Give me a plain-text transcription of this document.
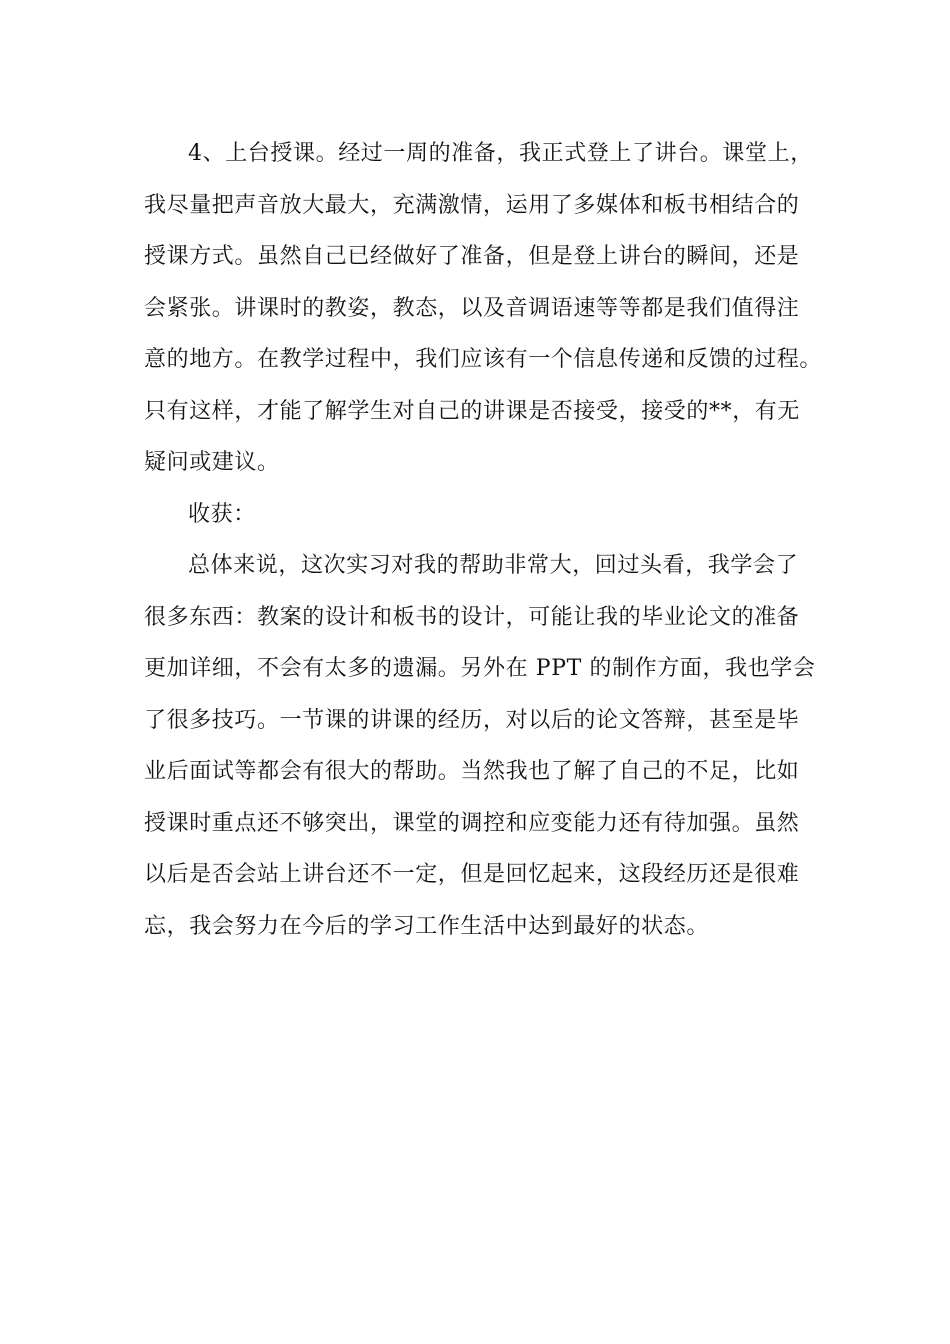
4、上台授课。经过一周的准备，我正式登上了讲台。课堂上，
我尽量把声音放大最大，充满激情，运用了多媒体和板书相结合的
授课方式。虽然自己已经做好了准备，但是登上讲台的瞬间，还是
会紧张。讲课时的教姿，教态，以及音调语速等等都是我们值得注
意的地方。在教学过程中，我们应该有一个信息传递和反馈的过程。
只有这样，才能了解学生对自己的讲课是否接受，接受的**，有无
疑问或建议。

收获：

总体来说，这次实习对我的帮助非常大，回过头看，我学会了
很多东西：教案的设计和板书的设计，可能让我的毕业论文的准备
更加详细，不会有太多的遗漏。另外在 PPT 的制作方面，我也学会
了很多技巧。一节课的讲课的经历，对以后的论文答辩，甚至是毕
业后面试等都会有很大的帮助。当然我也了解了自己的不足，比如
授课时重点还不够突出，课堂的调控和应变能力还有待加强。虽然
以后是否会站上讲台还不一定，但是回忆起来，这段经历还是很难
忘，我会努力在今后的学习工作生活中达到最好的状态。
